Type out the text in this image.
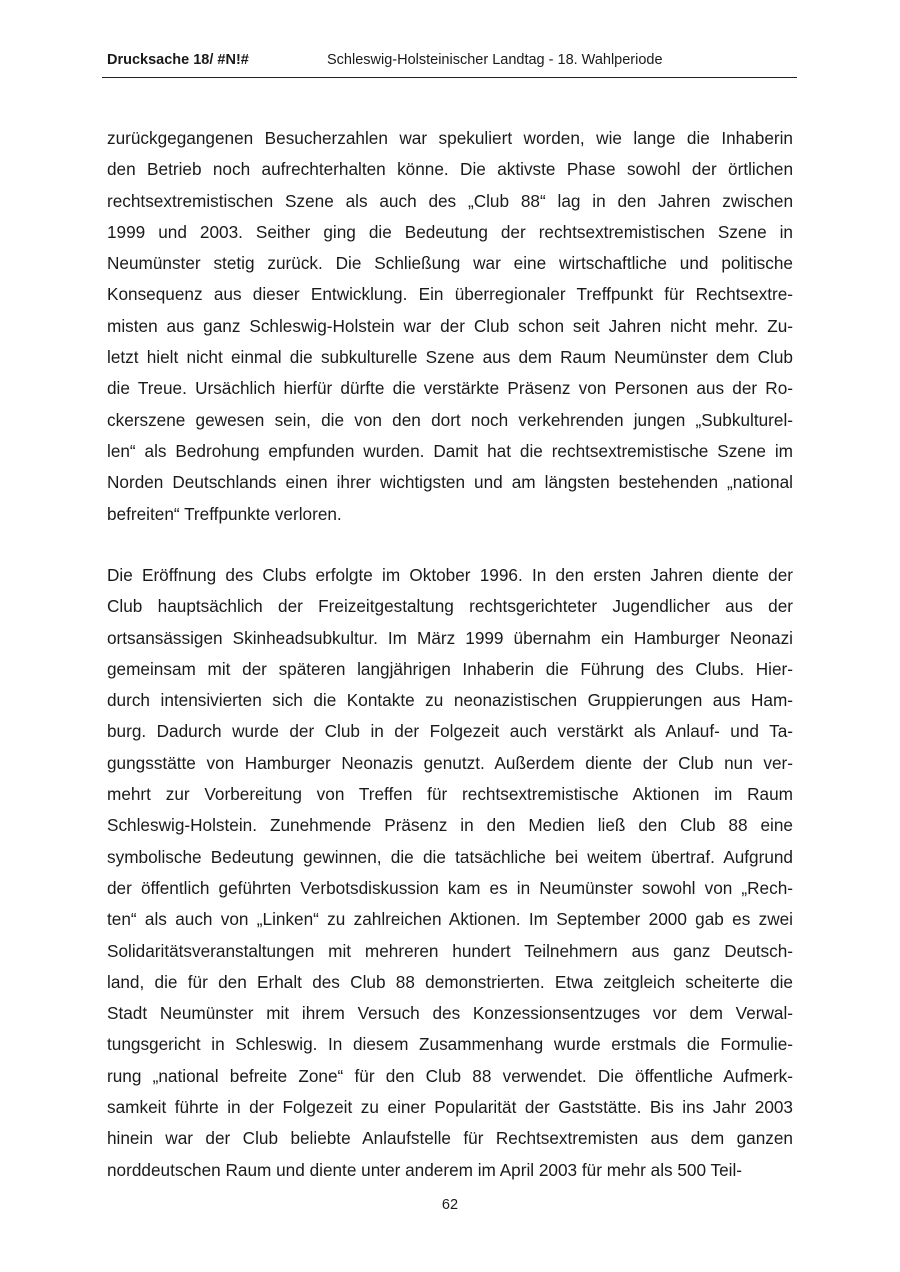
Drucksache 18/ #N!#	Schleswig-Holsteinischer Landtag - 18. Wahlperiode
zurückgegangenen Besucherzahlen war spekuliert worden, wie lange die Inhaberin
den Betrieb noch aufrechterhalten könne. Die aktivste Phase sowohl der örtlichen
rechtsextremistischen Szene als auch des „Club 88“ lag in den Jahren zwischen
1999 und 2003. Seither ging die Bedeutung der rechtsextremistischen Szene in
Neumünster stetig zurück. Die Schließung war eine wirtschaftliche und politische
Konsequenz aus dieser Entwicklung. Ein überregionaler Treffpunkt für Rechtsextre-
misten aus ganz Schleswig-Holstein war der Club schon seit Jahren nicht mehr. Zu-
letzt hielt nicht einmal die subkulturelle Szene aus dem Raum Neumünster dem Club
die Treue. Ursächlich hierfür dürfte die verstärkte Präsenz von Personen aus der Ro-
ckerszene gewesen sein, die von den dort noch verkehrenden jungen „Subkulturel-
len“ als Bedrohung empfunden wurden. Damit hat die rechtsextremistische Szene im
Norden Deutschlands einen ihrer wichtigsten und am längsten bestehenden „national
befreiten“ Treffpunkte verloren.
Die Eröffnung des Clubs erfolgte im Oktober 1996. In den ersten Jahren diente der
Club hauptsächlich der Freizeitgestaltung rechtsgerichteter Jugendlicher aus der
ortsansässigen Skinheadsubkultur. Im März 1999 übernahm ein Hamburger Neonazi
gemeinsam mit der späteren langjährigen Inhaberin die Führung des Clubs. Hier-
durch intensivierten sich die Kontakte zu neonazistischen Gruppierungen aus Ham-
burg. Dadurch wurde der Club in der Folgezeit auch verstärkt als Anlauf- und Ta-
gungsstätte von Hamburger Neonazis genutzt. Außerdem diente der Club nun ver-
mehrt zur Vorbereitung von Treffen für rechtsextremistische Aktionen im Raum
Schleswig-Holstein. Zunehmende Präsenz in den Medien ließ den Club 88 eine
symbolische Bedeutung gewinnen, die die tatsächliche bei weitem übertraf. Aufgrund
der öffentlich geführten Verbotsdiskussion kam es in Neumünster sowohl von „Rech-
ten“ als auch von „Linken“ zu zahlreichen Aktionen. Im September 2000 gab es zwei
Solidaritätsveranstaltungen mit mehreren hundert Teilnehmern aus ganz Deutsch-
land, die für den Erhalt des Club 88 demonstrierten. Etwa zeitgleich scheiterte die
Stadt Neumünster mit ihrem Versuch des Konzessionsentzuges vor dem Verwal-
tungsgericht in Schleswig. In diesem Zusammenhang wurde erstmals die Formulie-
rung „national befreite Zone“ für den Club 88 verwendet. Die öffentliche Aufmerk-
samkeit führte in der Folgezeit zu einer Popularität der Gaststätte. Bis ins Jahr 2003
hinein war der Club beliebte Anlaufstelle für Rechtsextremisten aus dem ganzen
norddeutschen Raum und diente unter anderem im April 2003 für mehr als 500 Teil-
62
